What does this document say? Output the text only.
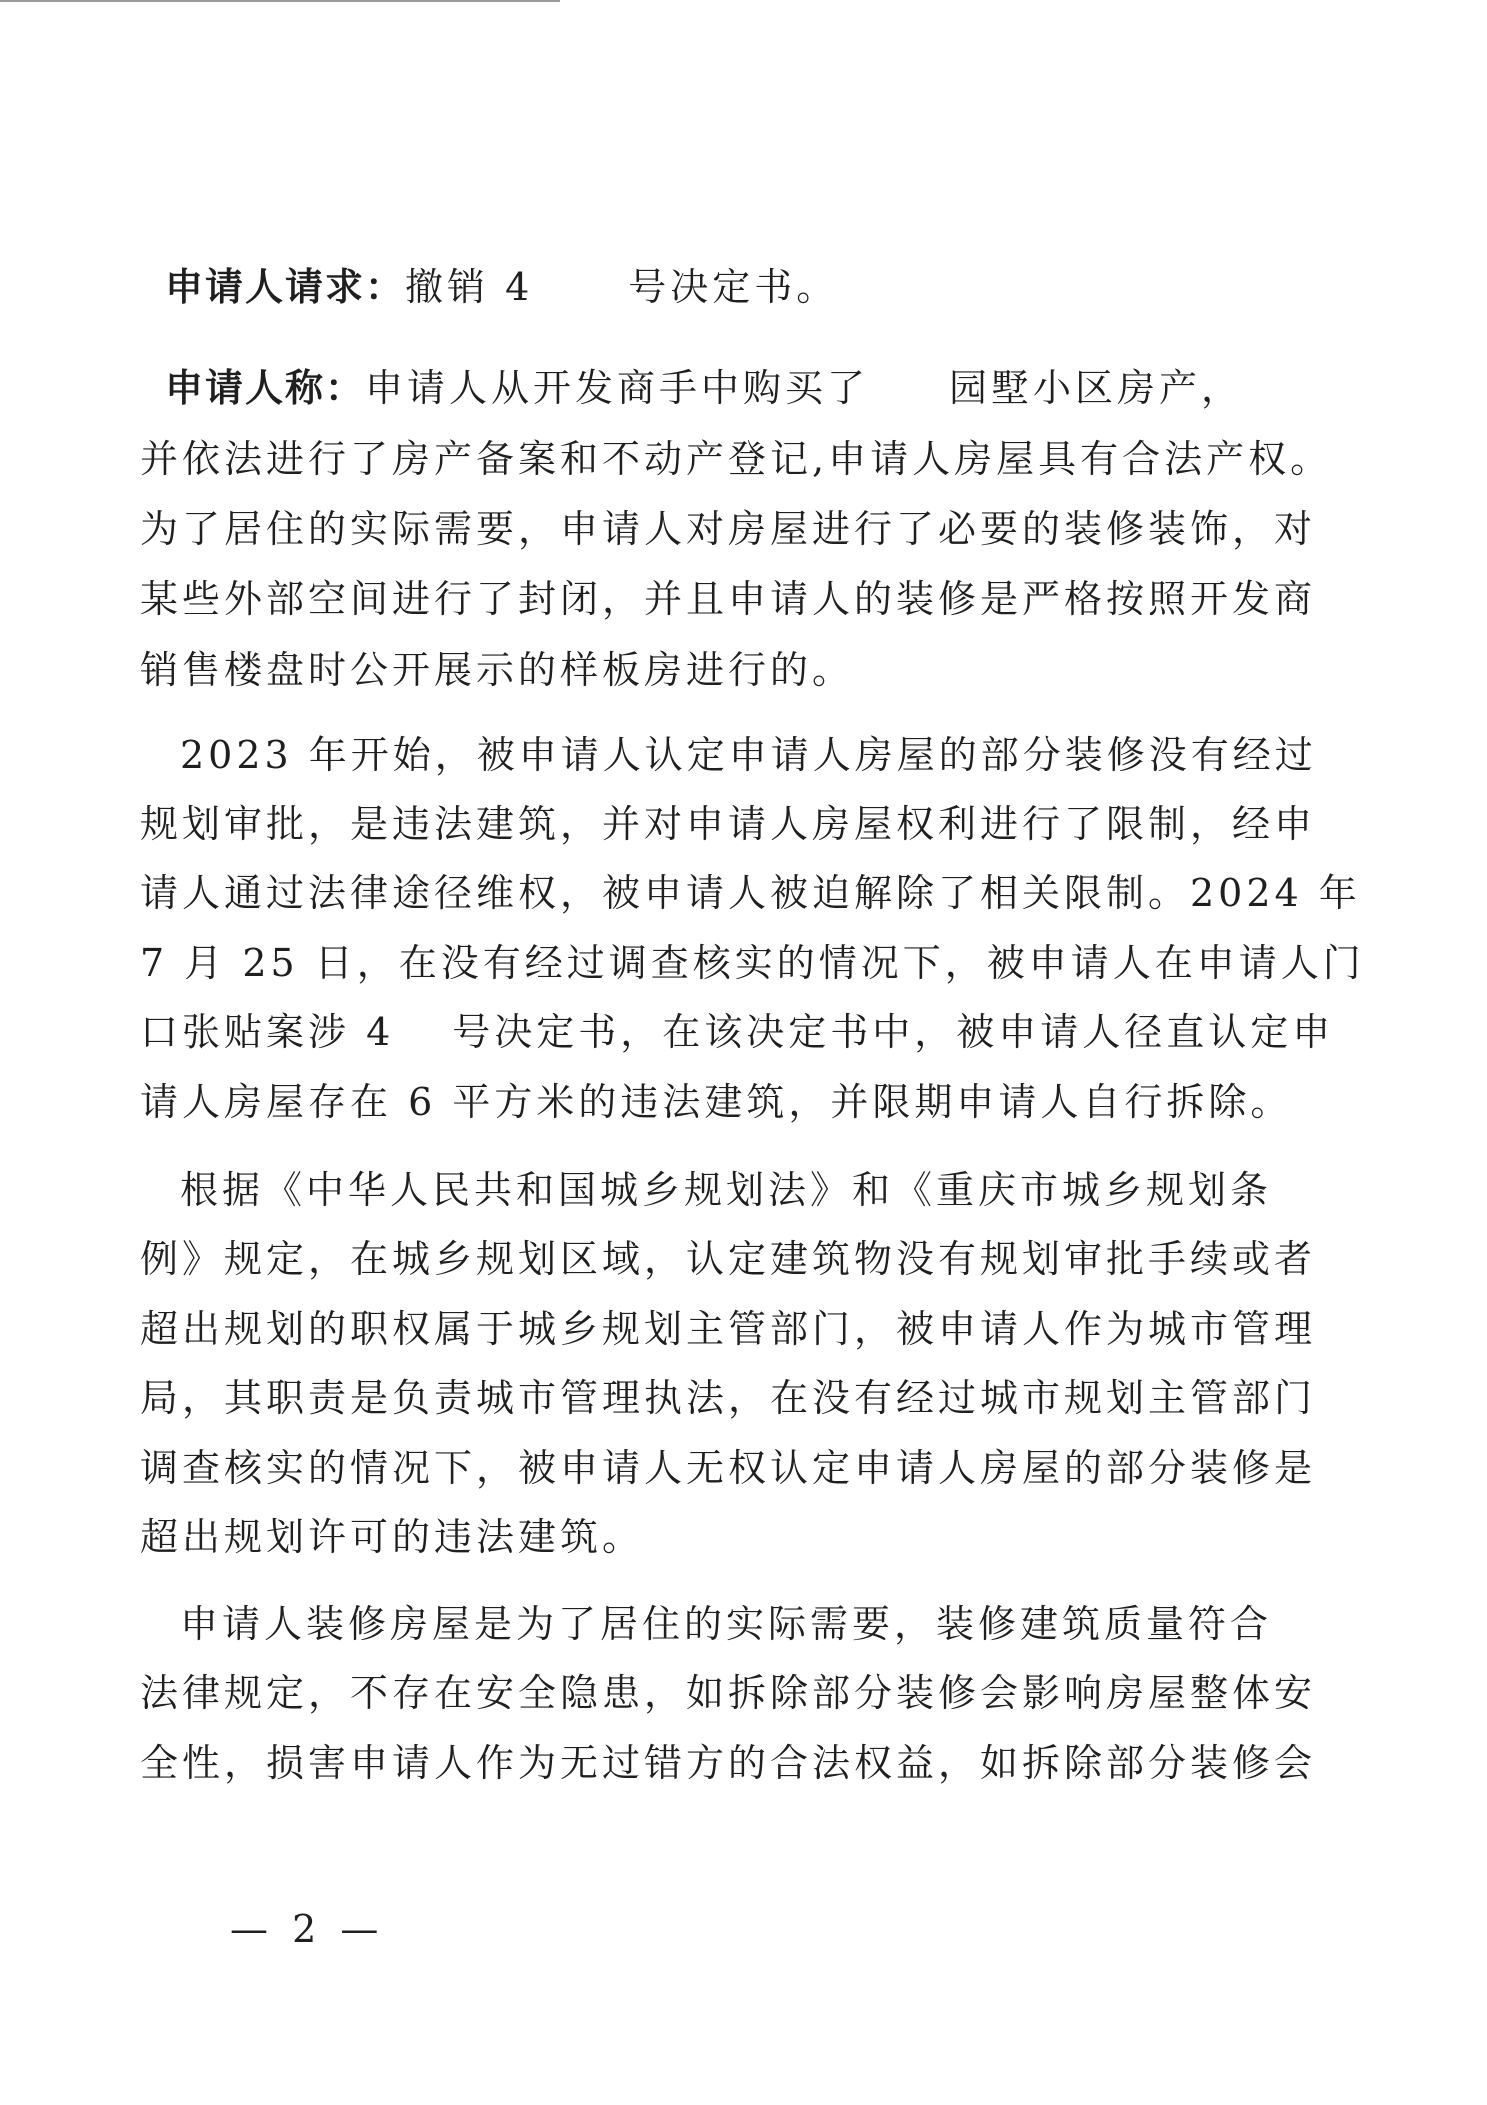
申请人请求：撤销 4	号决定书。
申请人称：申请人从开发商手中购买了 园墅小区房产，
并依法进行了房产备案和不动产登记,申请人房屋具有合法产权。
为了居住的实际需要，申请人对房屋进行了必要的装修装饰，对
某些外部空间进行了封闭，并且申请人的装修是严格按照开发商
销售楼盘时公开展示的样板房进行的。
2023 年开始，被申请人认定申请人房屋的部分装修没有经过
规划审批，是违法建筑，并对申请人房屋权利进行了限制，经申
请人通过法律途径维权，被申请人被迫解除了相关限制。2024 年
7 月 25 日，在没有经过调查核实的情况下，被申请人在申请人门
口张贴案涉 4 号决定书，在该决定书中，被申请人径直认定申
请人房屋存在 6 平方米的违法建筑，并限期申请人自行拆除。
根据《中华人民共和国城乡规划法》和《重庆市城乡规划条
例》规定，在城乡规划区域，认定建筑物没有规划审批手续或者
超出规划的职权属于城乡规划主管部门，被申请人作为城市管理
局，其职责是负责城市管理执法，在没有经过城市规划主管部门
调查核实的情况下，被申请人无权认定申请人房屋的部分装修是
超出规划许可的违法建筑。
申请人装修房屋是为了居住的实际需要，装修建筑质量符合
法律规定，不存在安全隐患，如拆除部分装修会影响房屋整体安
全性，损害申请人作为无过错方的合法权益，如拆除部分装修会
— 2 —
